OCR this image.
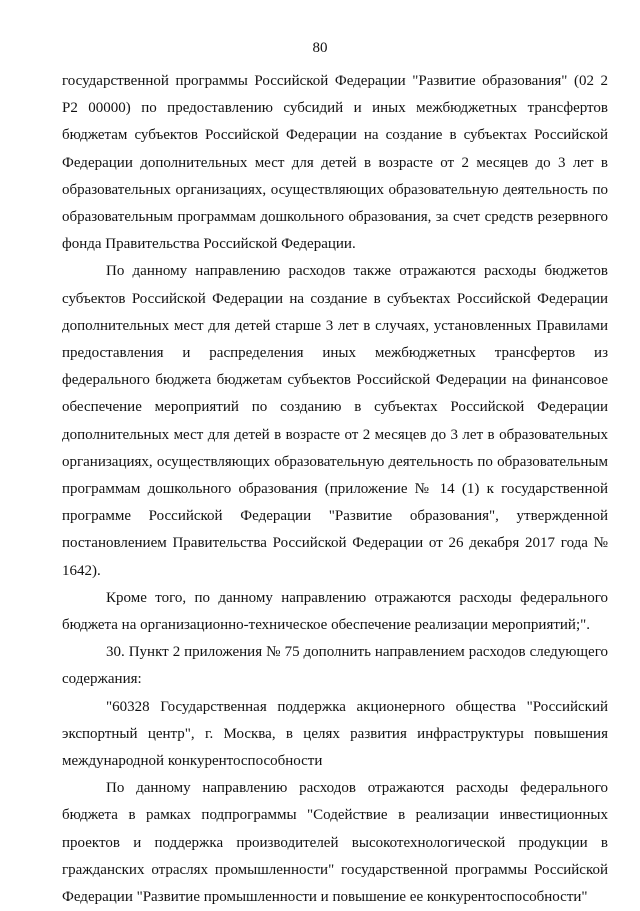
80

государственной программы Российской Федерации "Развитие образования" (02 2 Р2 00000) по предоставлению субсидий и иных межбюджетных трансфертов бюджетам субъектов Российской Федерации на создание в субъектах Российской Федерации дополнительных мест для детей в возрасте от 2 месяцев до 3 лет в образовательных организациях, осуществляющих образовательную деятельность по образовательным программам дошкольного образования, за счет средств резервного фонда Правительства Российской Федерации.

По данному направлению расходов также отражаются расходы бюджетов субъектов Российской Федерации на создание в субъектах Российской Федерации дополнительных мест для детей старше 3 лет в случаях, установленных Правилами предоставления и распределения иных межбюджетных трансфертов из федерального бюджета бюджетам субъектов Российской Федерации на финансовое обеспечение мероприятий по созданию в субъектах Российской Федерации дополнительных мест для детей в возрасте от 2 месяцев до 3 лет в образовательных организациях, осуществляющих образовательную деятельность по образовательным программам дошкольного образования (приложение № 14 (1) к государственной программе Российской Федерации "Развитие образования", утвержденной постановлением Правительства Российской Федерации от 26 декабря 2017 года № 1642).

Кроме того, по данному направлению отражаются расходы федерального бюджета на организационно-техническое обеспечение реализации мероприятий;".

30. Пункт 2 приложения № 75 дополнить направлением расходов следующего содержания:

"60328 Государственная поддержка акционерного общества "Российский экспортный центр", г. Москва, в целях развития инфраструктуры повышения международной конкурентоспособности

По данному направлению расходов отражаются расходы федерального бюджета в рамках подпрограммы "Содействие в реализации инвестиционных проектов и поддержка производителей высокотехнологической продукции в гражданских отраслях промышленности" государственной программы Российской Федерации "Развитие промышленности и повышение ее конкурентоспособности"
